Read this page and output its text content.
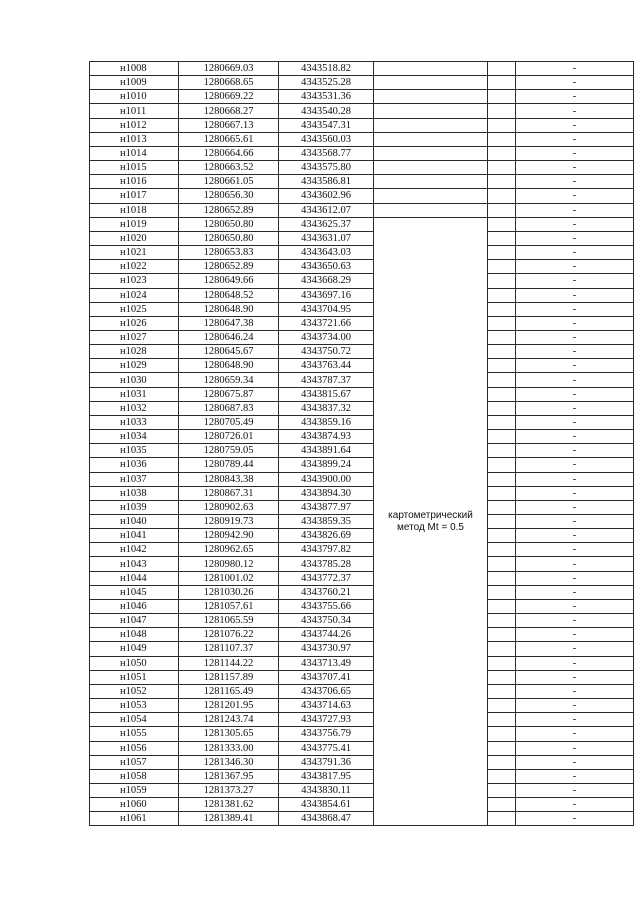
н1008	1280669.03	4343518.82			-
н1009	1280668.65	4343525.28			-
н1010	1280669.22	4343531.36			-
н1011	1280668.27	4343540.28			-
н1012	1280667.13	4343547.31			-
н1013	1280665.61	4343560.03			-
н1014	1280664.66	4343568.77			-
н1015	1280663.52	4343575.80			-
н1016	1280661.05	4343586.81			-
н1017	1280656.30	4343602.96			-
н1018	1280652.89	4343612.07			-
н1019	1280650.80	4343625.37	картометрический метод Mt = 0.5		-
н1020	1280650.80	4343631.07			-
н1021	1280653.83	4343643.03			-
н1022	1280652.89	4343650.63			-
н1023	1280649.66	4343668.29			-
н1024	1280648.52	4343697.16			-
н1025	1280648.90	4343704.95			-
н1026	1280647.38	4343721.66			-
н1027	1280646.24	4343734.00			-
н1028	1280645.67	4343750.72			-
н1029	1280648.90	4343763.44			-
н1030	1280659.34	4343787.37			-
н1031	1280675.87	4343815.67			-
н1032	1280687.83	4343837.32			-
н1033	1280705.49	4343859.16			-
н1034	1280726.01	4343874.93			-
н1035	1280759.05	4343891.64			-
н1036	1280789.44	4343899.24			-
н1037	1280843.38	4343900.00			-
н1038	1280867.31	4343894.30			-
н1039	1280902.63	4343877.97			-
н1040	1280919.73	4343859.35			-
н1041	1280942.90	4343826.69			-
н1042	1280962.65	4343797.82			-
н1043	1280980.12	4343785.28			-
н1044	1281001.02	4343772.37			-
н1045	1281030.26	4343760.21			-
н1046	1281057.61	4343755.66			-
н1047	1281065.59	4343750.34			-
н1048	1281076.22	4343744.26			-
н1049	1281107.37	4343730.97			-
н1050	1281144.22	4343713.49			-
н1051	1281157.89	4343707.41			-
н1052	1281165.49	4343706.65			-
н1053	1281201.95	4343714.63			-
н1054	1281243.74	4343727.93			-
н1055	1281305.65	4343756.79			-
н1056	1281333.00	4343775.41			-
н1057	1281346.30	4343791.36			-
н1058	1281367.95	4343817.95			-
н1059	1281373.27	4343830.11			-
н1060	1281381.62	4343854.61			-
н1061	1281389.41	4343868.47			-
